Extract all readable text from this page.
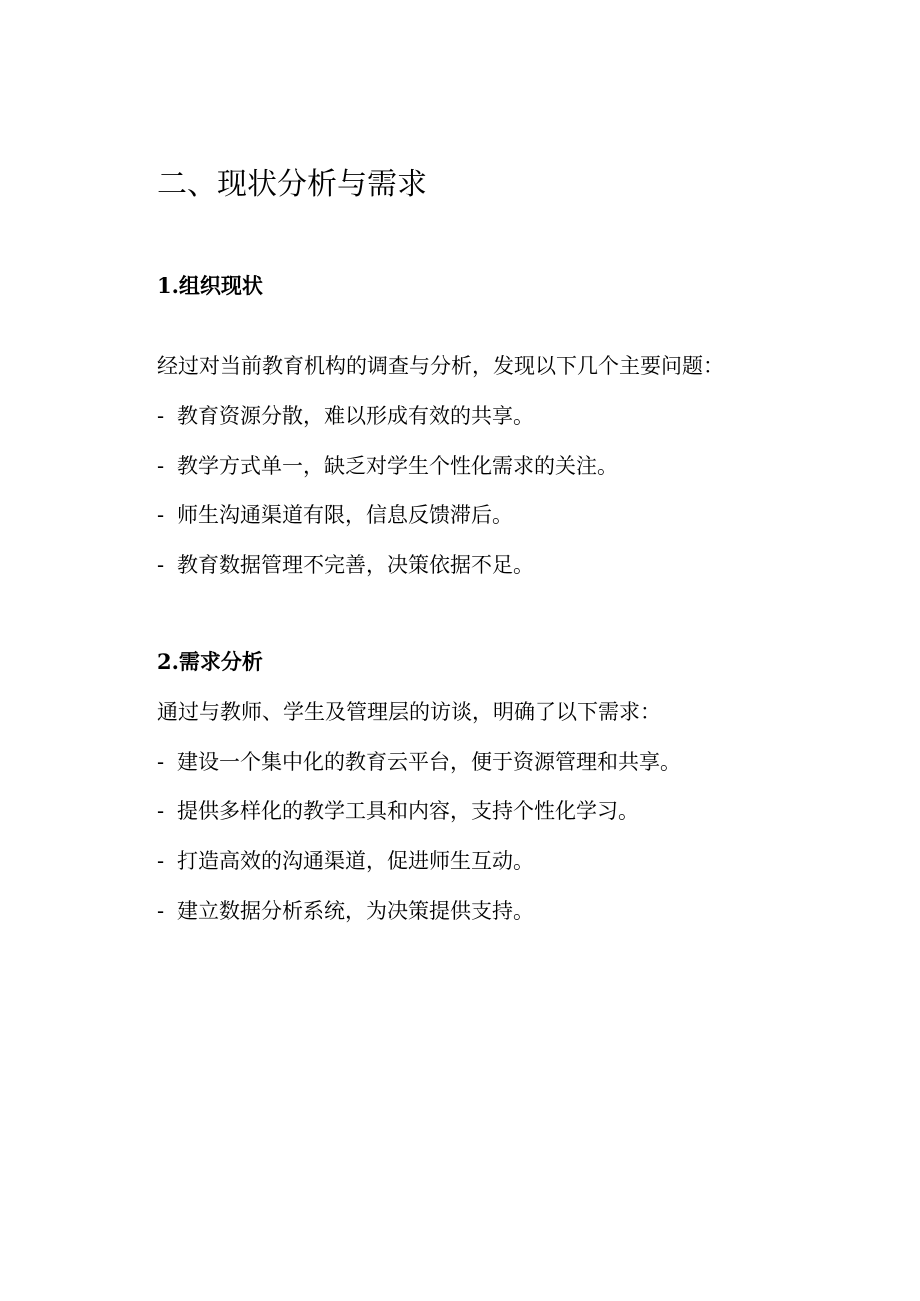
二、现状分析与需求
1.组织现状

经过对当前教育机构的调查与分析，发现以下几个主要问题：

- 教育资源分散，难以形成有效的共享。

- 教学方式单一，缺乏对学生个性化需求的关注。

- 师生沟通渠道有限，信息反馈滞后。

- 教育数据管理不完善，决策依据不足。

2.需求分析

通过与教师、学生及管理层的访谈，明确了以下需求：

- 建设一个集中化的教育云平台，便于资源管理和共享。

- 提供多样化的教学工具和内容，支持个性化学习。

- 打造高效的沟通渠道，促进师生互动。

- 建立数据分析系统，为决策提供支持。
